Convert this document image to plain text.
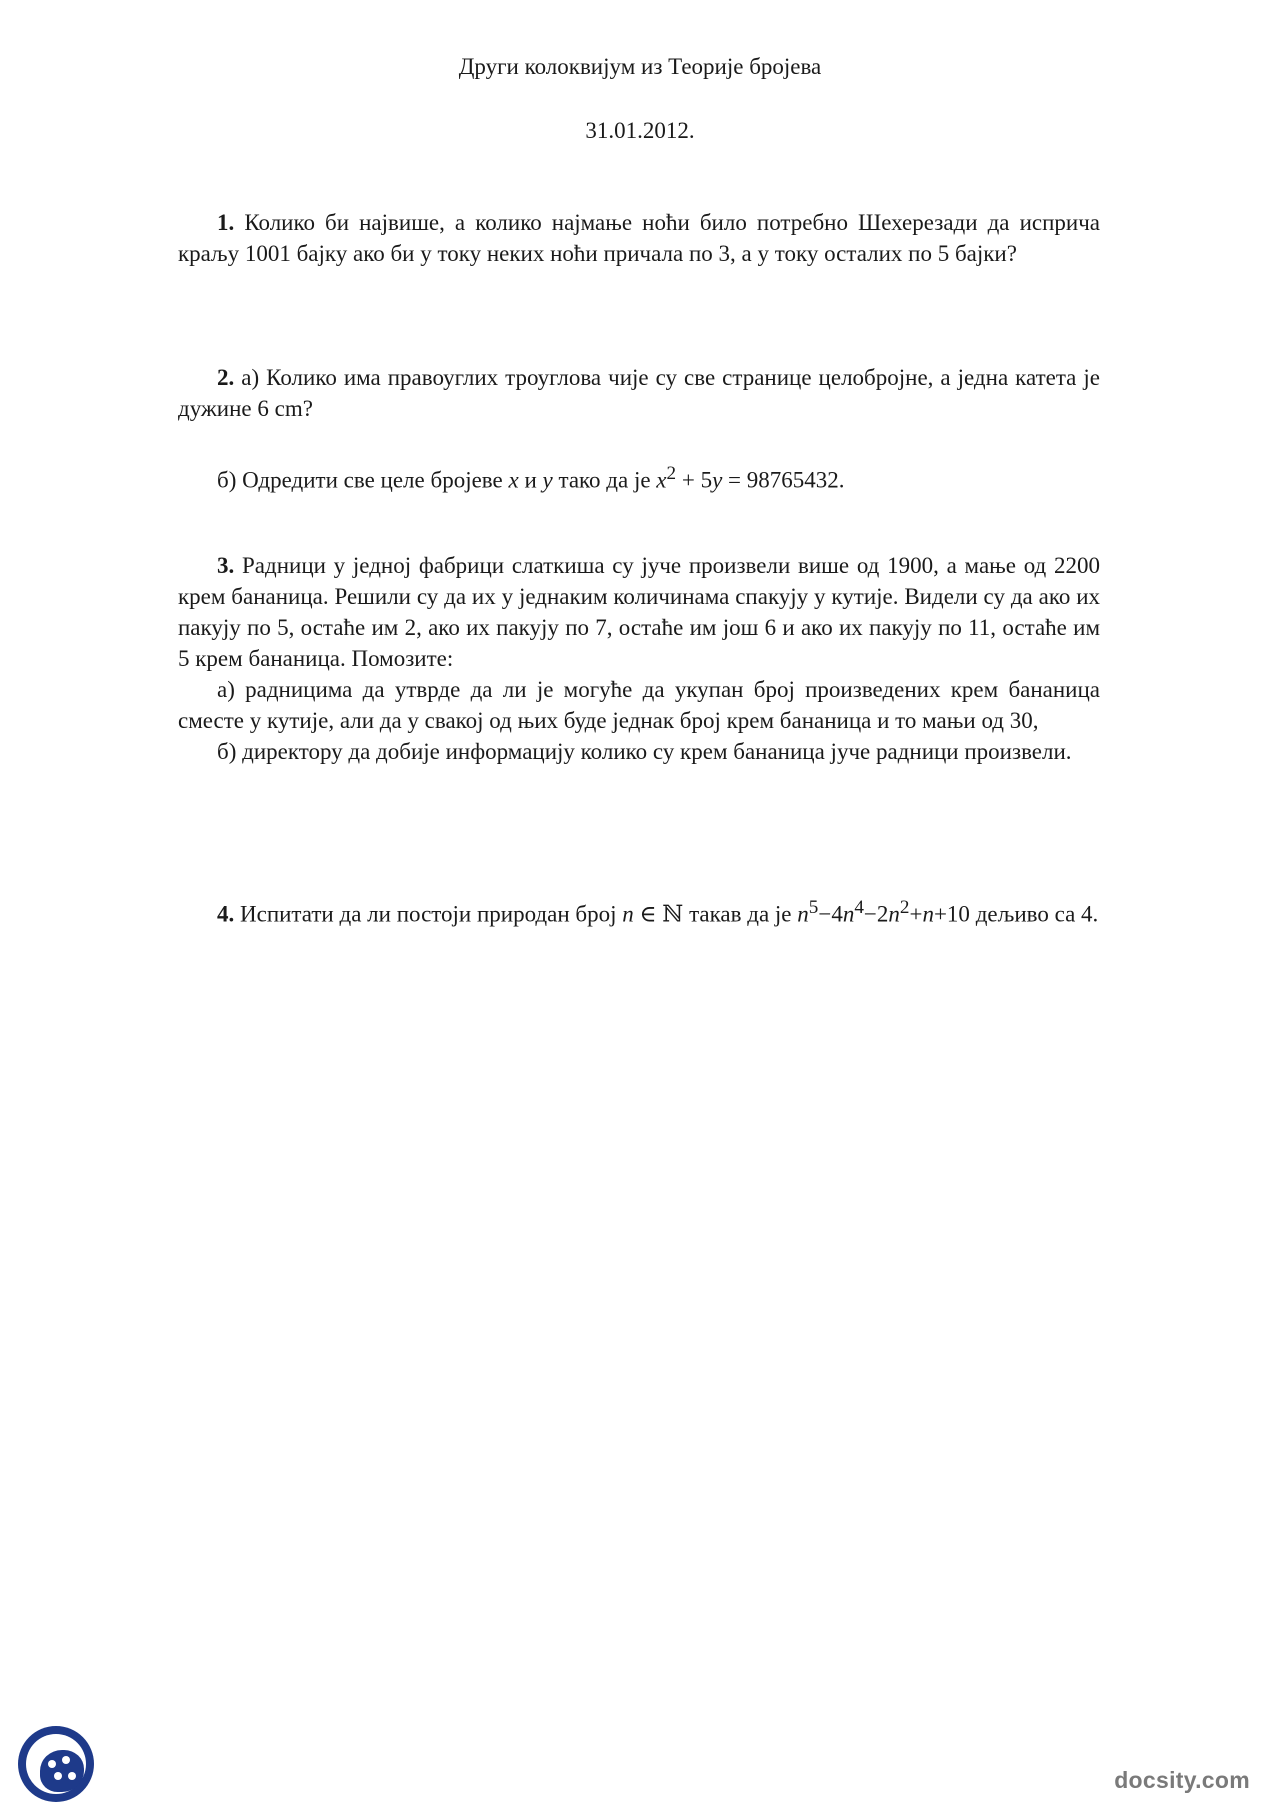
Други колоквијум из Теорије бројева
31.01.2012.

1. Колико би највише, а колико најмање ноћи било потребно Шехерезади да исприча краљу 1001 бајку ако би у току неких ноћи причала по 3, а у току осталих по 5 бајки?

2. а) Колико има правоуглих троуглова чије су све странице целобројне, а једна катета је дужине 6 cm?

б) Одредити све целе бројеве x и y тако да је $x^2 + 5y = 98765432$.

3. Радници у једној фабрици слаткиша су јуче произвели више од 1900, а мање од 2200 крем бананица. Решили су да их у једнаким количинама спакују у кутије. Видели су да ако их пакују по 5, остаће им 2, ако их пакују по 7, остаће им још 6 и ако их пакују по 11, остаће им 5 крем бананица. Помозите:

а) радницима да утврде да ли је могуће да укупан број произведених крем бананица сместе у кутије, али да у свакој од њих буде једнак број крем бананица и то мањи од 30,

б) директору да добије информацију колико су крем бананица јуче радници произвели.

4. Испитати да ли постоји природан број n ∈ ℕ такав да је $n^5-4n^4-2n^2+n+10$ дељиво са 4.

docsity.com
